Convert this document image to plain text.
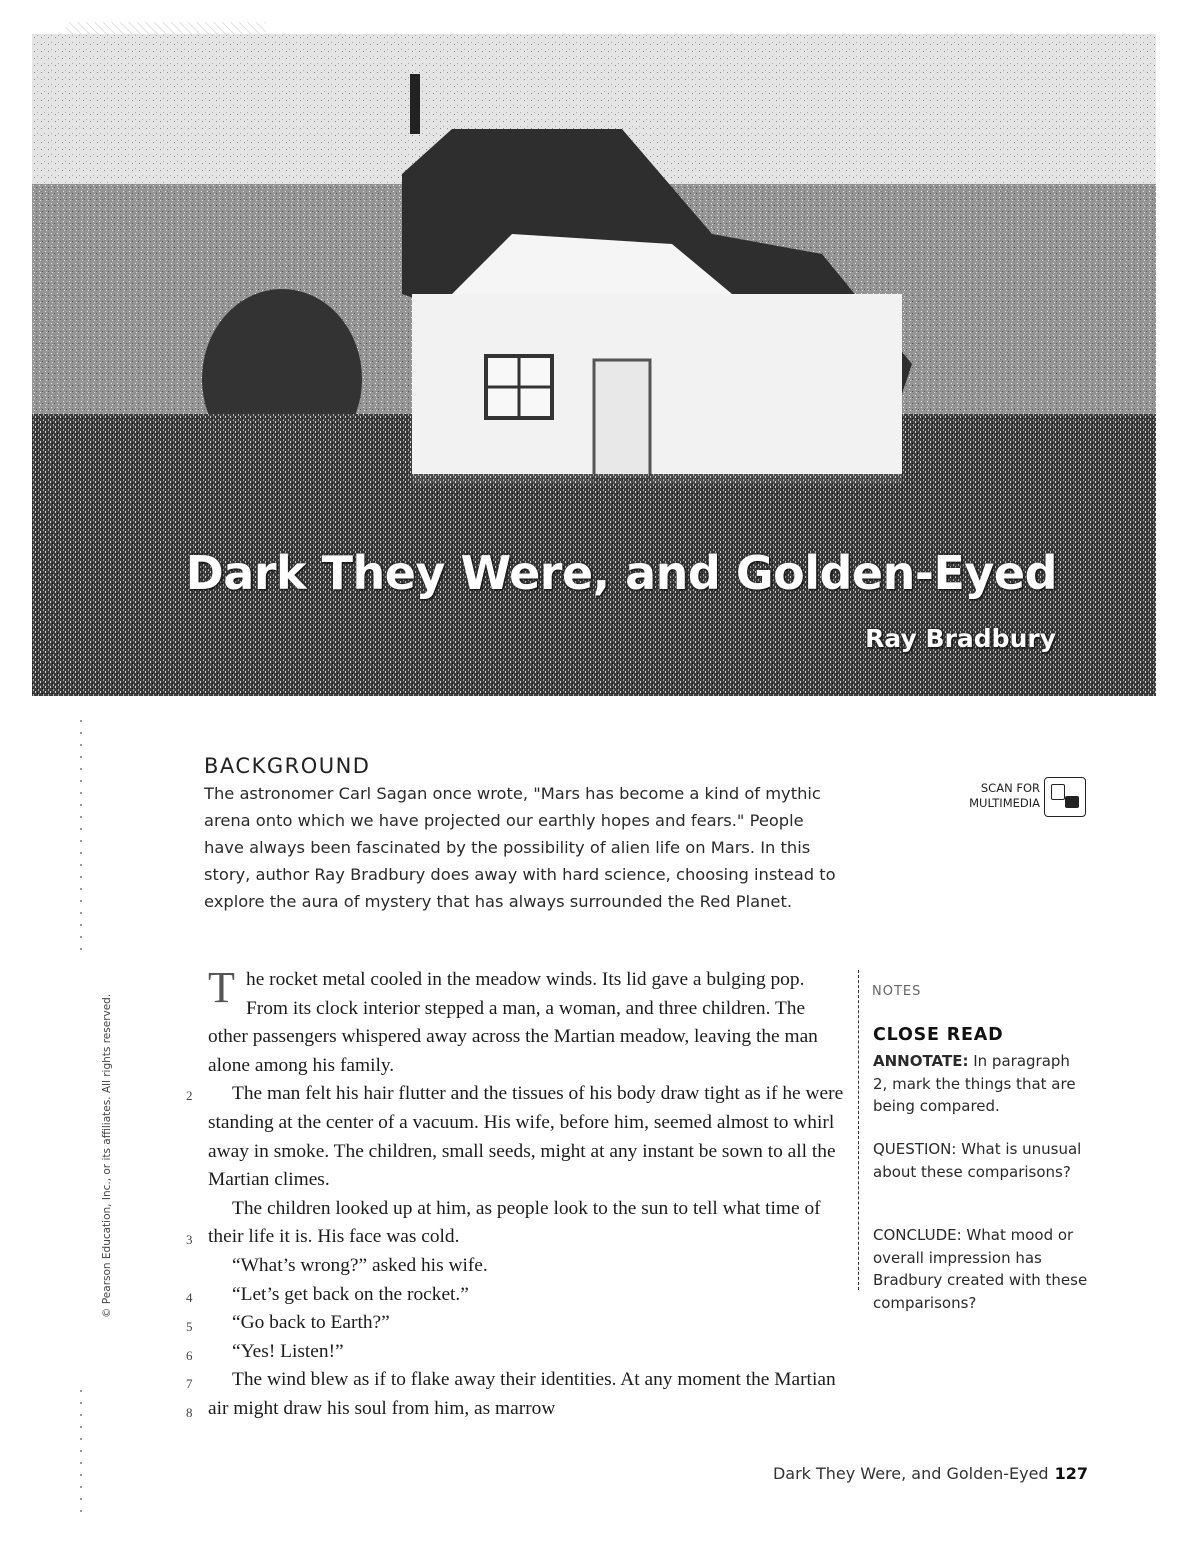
Dark They Were, and Golden-Eyed
Ray Bradbury
BACKGROUND
The astronomer Carl Sagan once wrote, "Mars has become a kind of mythic arena onto which we have projected our earthly hopes and fears." People have always been fascinated by the possibility of alien life on Mars. In this story, author Ray Bradbury does away with hard science, choosing instead to explore the aura of mystery that has always surrounded the Red Planet.
SCAN FOR
MULTIMEDIA
2
3
4
5
6
7
8

T he rocket metal cooled in the meadow winds. Its lid gave a bulging pop. From its clock interior stepped a man, a woman, and three children. The other passengers whispered away across the Martian meadow, leaving the man alone among his family.

The man felt his hair flutter and the tissues of his body draw tight as if he were standing at the center of a vacuum. His wife, before him, seemed almost to whirl away in smoke. The children, small seeds, might at any instant be sown to all the Martian climes.

The children looked up at him, as people look to the sun to tell what time of their life it is. His face was cold.

“What’s wrong?” asked his wife.

“Let’s get back on the rocket.”

“Go back to Earth?”

“Yes! Listen!”

The wind blew as if to flake away their identities. At any moment the Martian air might draw his soul from him, as marrow

NOTES
CLOSE READ
ANNOTATE: In paragraph 2, mark the things that are being compared.
QUESTION: What is unusual about these comparisons?
CONCLUDE: What mood or overall impression has Bradbury created with these comparisons?
© Pearson Education, Inc., or its affiliates. All rights reserved.
Dark They Were, and Golden-Eyed 127
